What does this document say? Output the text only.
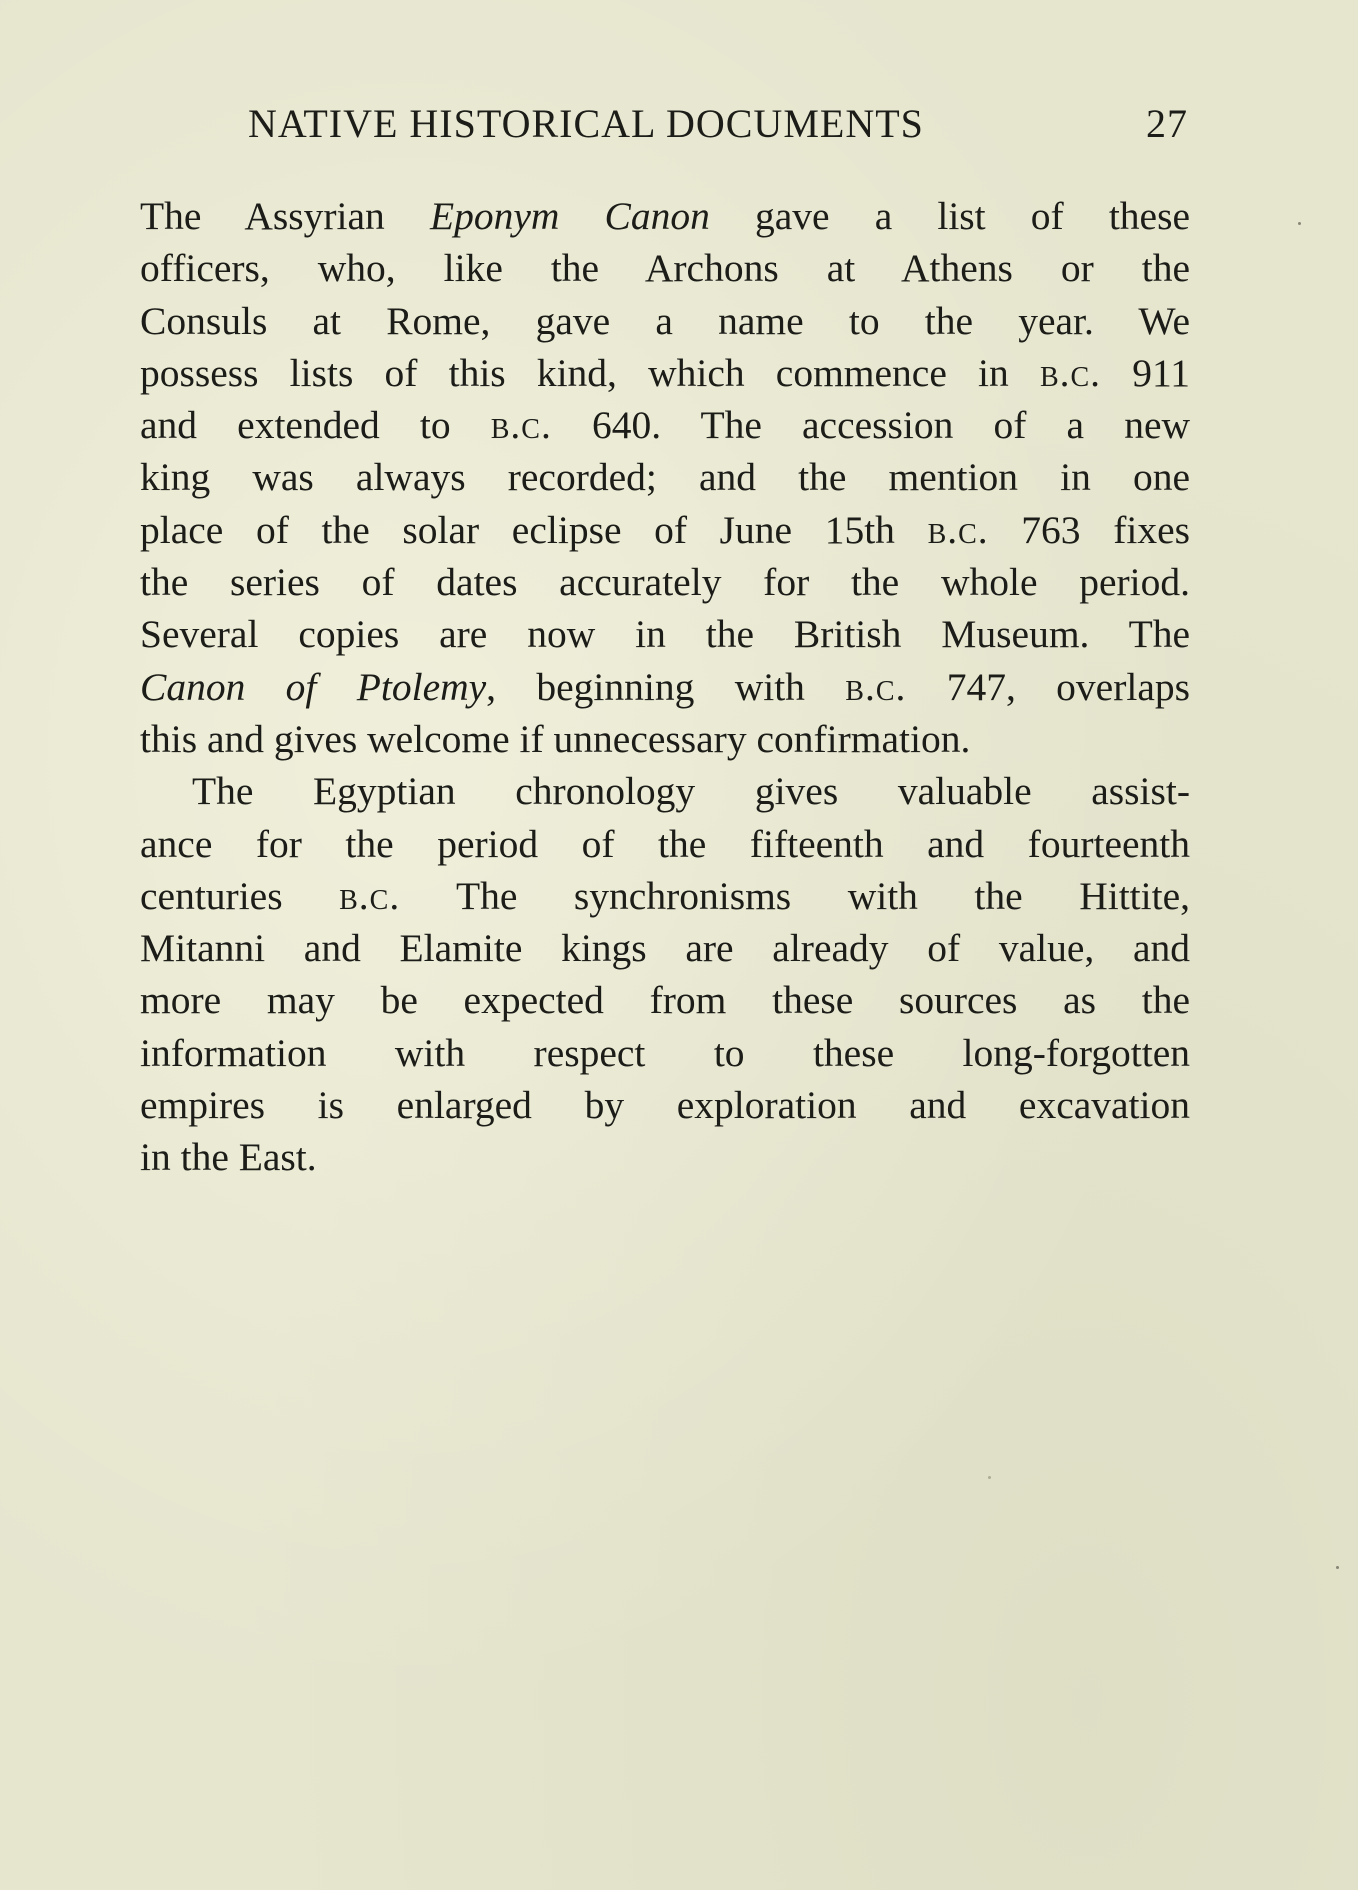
NATIVE HISTORICAL DOCUMENTS	27
The Assyrian Eponym Canon gave a list of these
officers, who, like the Archons at Athens or the
Consuls at Rome, gave a name to the year. We
possess lists of this kind, which commence in b.c. 911
and extended to b.c. 640. The accession of a new
king was always recorded; and the mention in one
place of the solar eclipse of June 15th b.c. 763 fixes
the series of dates accurately for the whole period.
Several copies are now in the British Museum. The
Canon of Ptolemy, beginning with b.c. 747, overlaps
this and gives welcome if unnecessary confirmation.
The Egyptian chronology gives valuable assist-
ance for the period of the fifteenth and fourteenth
centuries b.c. The synchronisms with the Hittite,
Mitanni and Elamite kings are already of value, and
more may be expected from these sources as the
information with respect to these long-forgotten
empires is enlarged by exploration and excavation
in the East.
